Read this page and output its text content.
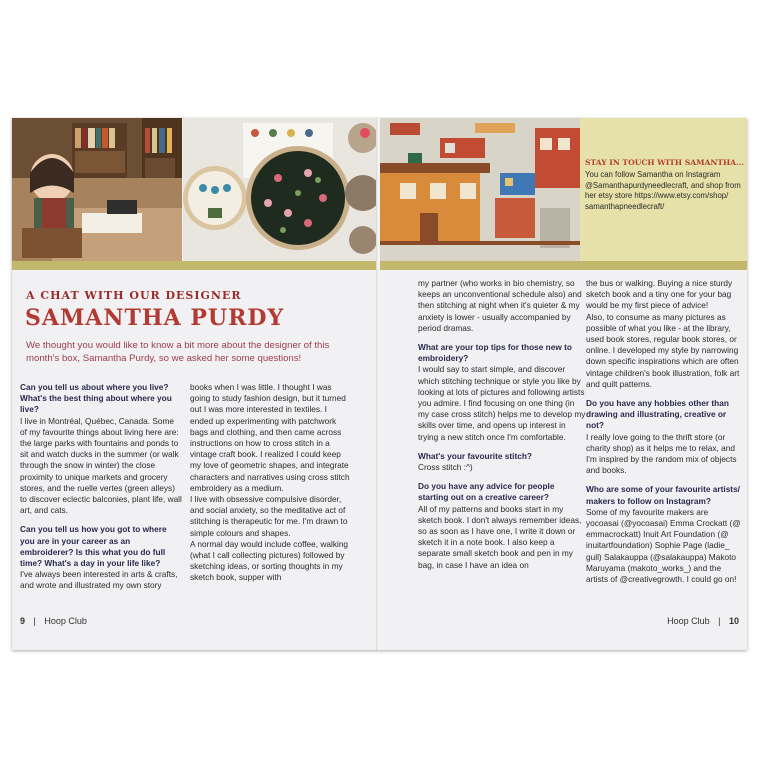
A CHAT WITH OUR DESIGNER
SAMANTHA PURDY
We thought you would like to know a bit more about the designer of this month's box, Samantha Purdy, so we asked her some questions!

Can you tell us about where you live? What's the best thing about where you live?

I live in Montréal, Québec, Canada. Some of my favourite things about living here are: the large parks with fountains and ponds to sit and watch ducks in the summer (or walk through the snow in winter) the close proximity to unique markets and grocery stores, and the ruelle vertes (green alleys) to discover eclectic balconies, plant life, wall art, and cats.

Can you tell us how you got to where you are in your career as an embroiderer? Is this what you do full time? What's a day in your life like?

I've always been interested in arts & crafts, and wrote and illustrated my own story

books when I was little. I thought I was going to study fashion design, but it turned out I was more interested in textiles. I ended up experimenting with patchwork bags and clothing, and then came across instructions on how to cross stitch in a vintage craft book. I realized I could keep my love of geometric shapes, and integrate characters and narratives using cross stitch embroidery as a medium.

I live with obsessive compulsive disorder, and social anxiety, so the meditative act of stitching is therapeutic for me. I'm drawn to simple colours and shapes.

A normal day would include coffee, walking (what I call collecting pictures) followed by sketching ideas, or sorting thoughts in my sketch book, supper with

9 | Hoop Club
STAY IN TOUCH WITH SAMANTHA...
You can follow Samantha on Instagram @Samanthapurdyneedlecraft, and shop from her etsy store https://www.etsy.com/shop/ samanthapneedlecraft/

my partner (who works in bio chemistry, so keeps an unconventional schedule also) and then stitching at night when it's quieter & my anxiety is lower - usually accompanied by period dramas.

What are your top tips for those new to embroidery?

I would say to start simple, and discover which stitching technique or style you like by looking at lots of pictures and following artists you admire. I find focusing on one thing (in my case cross stitch) helps me to develop my skills over time, and opens up interest in trying a new stitch once I'm comfortable.

What's your favourite stitch?

Cross stitch :^)

Do you have any advice for people starting out on a creative career?

All of my patterns and books start in my sketch book. I don't always remember ideas, so as soon as I have one, I write it down or sketch it in a note book. I also keep a separate small sketch book and pen in my bag, in case I have an idea on

the bus or walking. Buying a nice sturdy sketch book and a tiny one for your bag would be my first piece of advice!

Also, to consume as many pictures as possible of what you like - at the library, used book stores, regular book stores, or online. I developed my style by narrowing down specific inspirations which are often vintage children's book illustration, folk art and quilt patterns.

Do you have any hobbies other than drawing and illustrating, creative or not?

I really love going to the thrift store (or charity shop) as it helps me to relax, and I'm inspired by the random mix of objects and books.

Who are some of your favourite artists/ makers to follow on Instagram?

Some of my favourite makers are yocoasai (@yocoasai) Emma Crockatt (@ emmacrockatt) Inuit Art Foundation (@ inuitartfoundation) Sophie Page (ladie_ gull) Salakauppa (@salakauppa) Makoto Maruyama (makoto_works_) and the artists of @creativegrowth. I could go on!

Hoop Club | 10
